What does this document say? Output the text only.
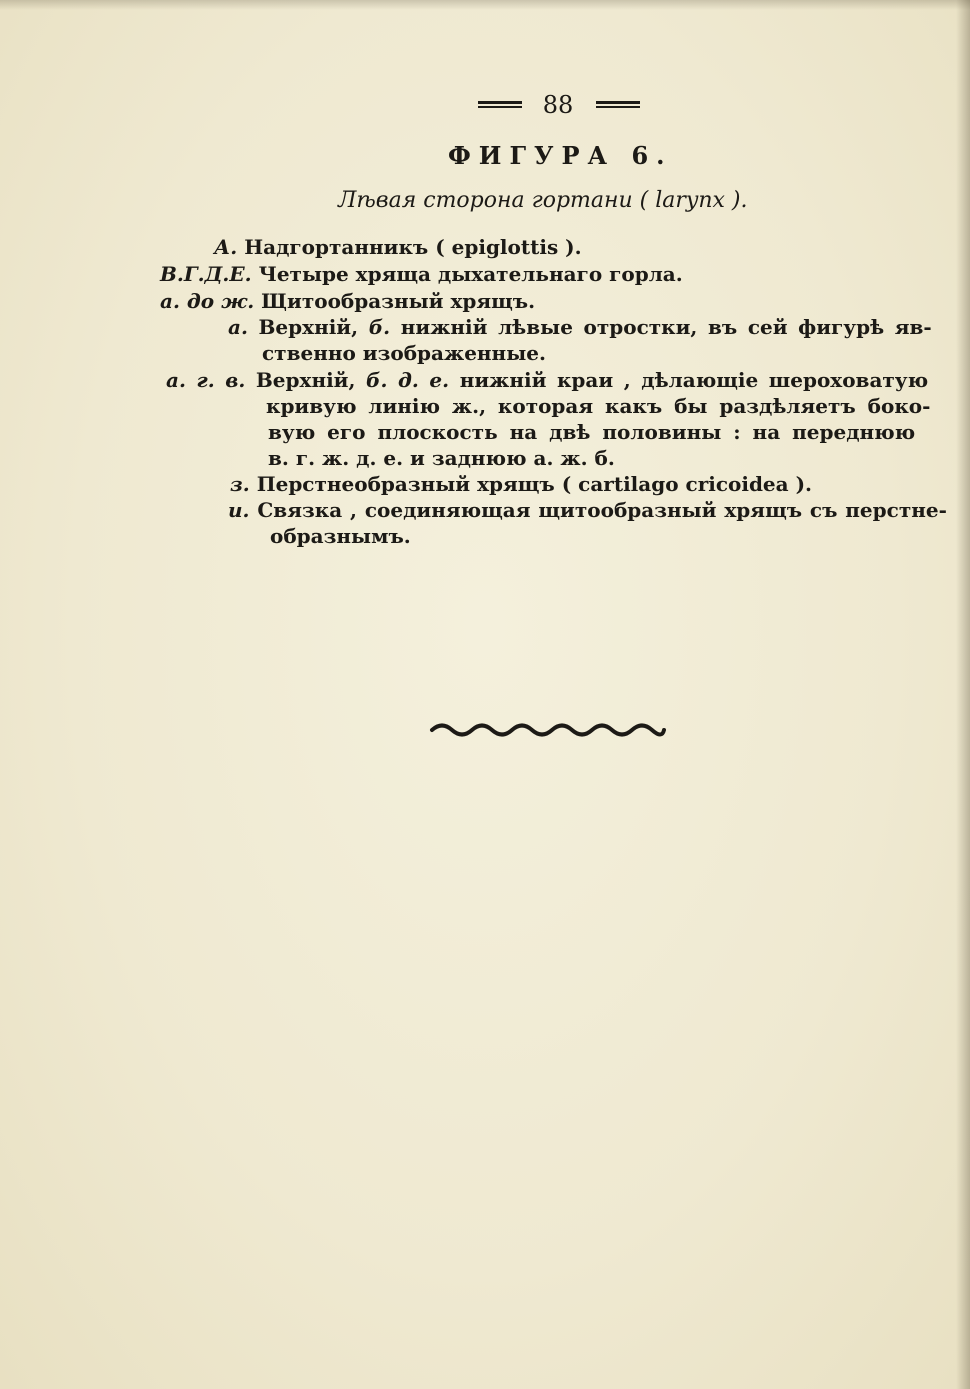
88
ФИГУРА 6.
Лѣвая сторона гортани ( larynx ).
А. Надгортанникъ ( epiglottis ).
В.Г.Д.Е. Четыре хряща дыхательнаго горла.
а. до ж. Щитообразный хрящъ.
а. Верхній, б. нижній лѣвые отростки, въ сей фигурѣ яв-
ственно изображенные.
а. г. в. Верхній, б. д. е. нижній краи , дѣлающіе шероховатую
кривую линію ж., которая какъ бы раздѣляетъ боко-
вую его плоскость на двѣ половины : на переднюю
в. г. ж. д. е. и заднюю а. ж. б.
з. Перстнеобразный хрящъ ( cartilago cricoidea ).
и. Связка , соединяющая щитообразный хрящъ съ перстне-
образнымъ.
